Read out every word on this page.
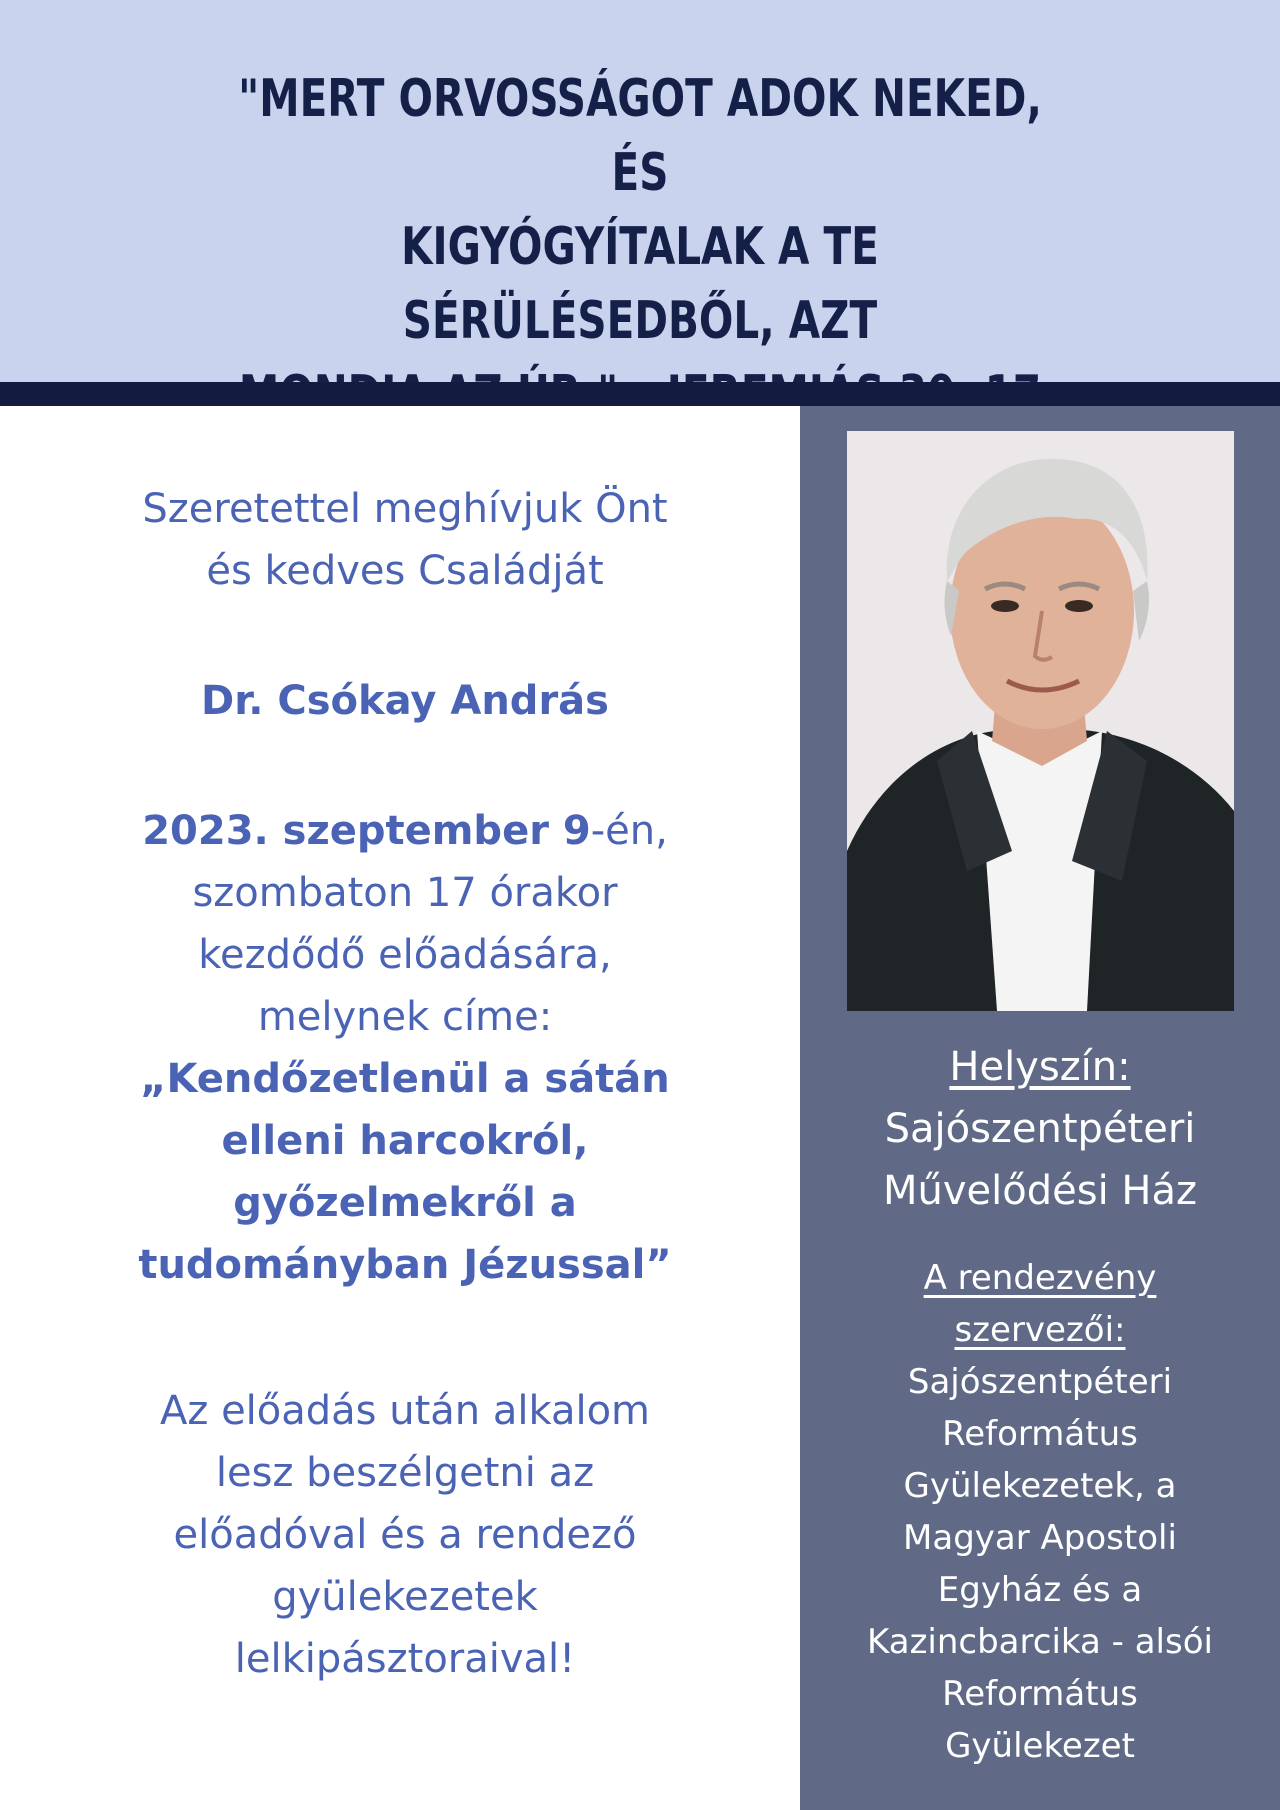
"MERT ORVOSSÁGOT ADOK NEKED, ÉS
KIGYÓGYÍTALAK A TE SÉRÜLÉSEDBŐL, AZT

Szeretettel meghívjuk Önt

és kedves Családját

Dr. Csókay András

2023. szeptember 9-én,

szombaton 17 órakor

kezdődő előadására,

melynek címe:

„Kendőzetlenül a sátán

elleni harcokról,

győzelmekről a

tudományban Jézussal”

Az előadás után alkalom

lesz beszélgetni az

előadóval és a rendező

gyülekezetek

lelkipásztoraival!

Helyszín:

Sajószentpéteri

Művelődési Ház

A rendezvény

szervezői:

Sajószentpéteri

Református

Gyülekezetek, a

Magyar Apostoli

Egyház és a

Kazincbarcika - alsói

Református

Gyülekezet
